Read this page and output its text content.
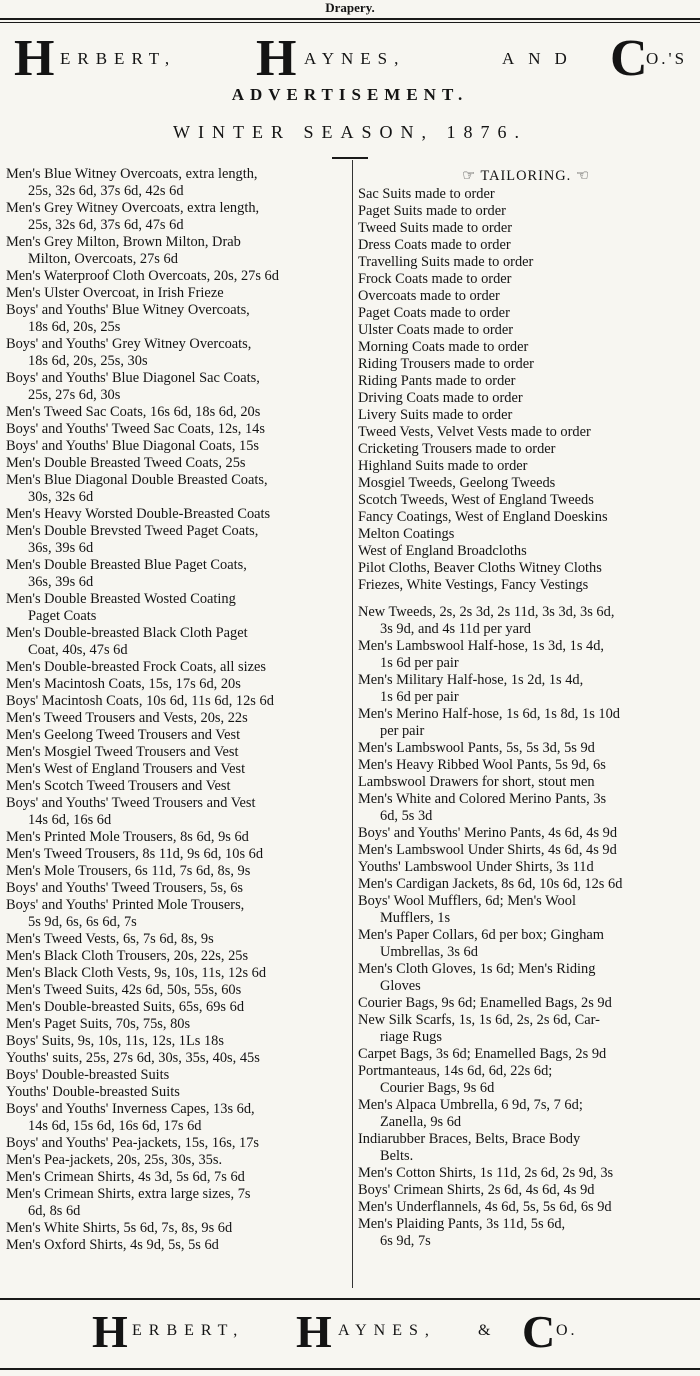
Drapery.
H ERBERT, H AYNES,	AND C
O.'S
ADVERTISEMENT.
WINTER SEASON, 1876.
Men's Blue Witney Overcoats, extra length,
25s, 32s 6d, 37s 6d, 42s 6d
Men's Grey Witney Overcoats, extra length,
25s, 32s 6d, 37s 6d, 47s 6d
Men's Grey Milton, Brown Milton, Drab
Milton, Overcoats, 27s 6d
Men's Waterproof Cloth Overcoats, 20s, 27s 6d
Men's Ulster Overcoat, in Irish Frieze
Boys' and Youths' Blue Witney Overcoats,
18s 6d, 20s, 25s
Boys' and Youths' Grey Witney Overcoats,
18s 6d, 20s, 25s, 30s
Boys' and Youths' Blue Diagonel Sac Coats,
25s, 27s 6d, 30s
Men's Tweed Sac Coats, 16s 6d, 18s 6d, 20s
Boys' and Youths' Tweed Sac Coats, 12s, 14s
Boys' and Youths' Blue Diagonal Coats, 15s
Men's Double Breasted Tweed Coats, 25s
Men's Blue Diagonal Double Breasted Coats,
30s, 32s 6d
Men's Heavy Worsted Double-Breasted Coats
Men's Double Brevsted Tweed Paget Coats,
36s, 39s 6d
Men's Double Breasted Blue Paget Coats,
36s, 39s 6d
Men's Double Breasted Wosted Coating
Paget Coats
Men's Double-breasted Black Cloth Paget
Coat, 40s, 47s 6d
Men's Double-breasted Frock Coats, all sizes
Men's Macintosh Coats, 15s, 17s 6d, 20s
Boys' Macintosh Coats, 10s 6d, 11s 6d, 12s 6d
Men's Tweed Trousers and Vests, 20s, 22s
Men's Geelong Tweed Trousers and Vest
Men's Mosgiel Tweed Trousers and Vest
Men's West of England Trousers and Vest
Men's Scotch Tweed Trousers and Vest
Boys' and Youths' Tweed Trousers and Vest
14s 6d, 16s 6d
Men's Printed Mole Trousers, 8s 6d, 9s 6d
Men's Tweed Trousers, 8s 11d, 9s 6d, 10s 6d
Men's Mole Trousers, 6s 11d, 7s 6d, 8s, 9s
Boys' and Youths' Tweed Trousers, 5s, 6s
Boys' and Youths' Printed Mole Trousers,
5s 9d, 6s, 6s 6d, 7s
Men's Tweed Vests, 6s, 7s 6d, 8s, 9s
Men's Black Cloth Trousers, 20s, 22s, 25s
Men's Black Cloth Vests, 9s, 10s, 11s, 12s 6d
Men's Tweed Suits, 42s 6d, 50s, 55s, 60s
Men's Double-breasted Suits, 65s, 69s 6d
Men's Paget Suits, 70s, 75s, 80s
Boys' Suits, 9s, 10s, 11s, 12s, 1Ls 18s
Youths' suits, 25s, 27s 6d, 30s, 35s, 40s, 45s
Boys' Double-breasted Suits
Youths' Double-breasted Suits
Boys' and Youths' Inverness Capes, 13s 6d,
14s 6d, 15s 6d, 16s 6d, 17s 6d
Boys' and Youths' Pea-jackets, 15s, 16s, 17s
Men's Pea-jackets, 20s, 25s, 30s, 35s.
Men's Crimean Shirts, 4s 3d, 5s 6d, 7s 6d
Men's Crimean Shirts, extra large sizes, 7s
6d, 8s 6d
Men's White Shirts, 5s 6d, 7s, 8s, 9s 6d
Men's Oxford Shirts, 4s 9d, 5s, 5s 6d
☞ TAILORING. ☜
Sac Suits made to order
Paget Suits made to order
Tweed Suits made to order
Dress Coats made to order
Travelling Suits made to order
Frock Coats made to order
Overcoats made to order
Paget Coats made to order
Ulster Coats made to order
Morning Coats made to order
Riding Trousers made to order
Riding Pants made to order
Driving Coats made to order
Livery Suits made to order
Tweed Vests, Velvet Vests made to order
Cricketing Trousers made to order
Highland Suits made to order
Mosgiel Tweeds, Geelong Tweeds
Scotch Tweeds, West of England Tweeds
Fancy Coatings, West of England Doeskins
Melton Coatings
West of England Broadcloths
Pilot Cloths, Beaver Cloths Witney Cloths
Friezes, White Vestings, Fancy Vestings
New Tweeds, 2s, 2s 3d, 2s 11d, 3s 3d, 3s 6d,
3s 9d, and 4s 11d per yard
Men's Lambswool Half-hose, 1s 3d, 1s 4d,
1s 6d per pair
Men's Military Half-hose, 1s 2d, 1s 4d,
1s 6d per pair
Men's Merino Half-hose, 1s 6d, 1s 8d, 1s 10d
per pair
Men's Lambswool Pants, 5s, 5s 3d, 5s 9d
Men's Heavy Ribbed Wool Pants, 5s 9d, 6s
Lambswool Drawers for short, stout men
Men's White and Colored Merino Pants, 3s
6d, 5s 3d
Boys' and Youths' Merino Pants, 4s 6d, 4s 9d
Men's Lambswool Under Shirts, 4s 6d, 4s 9d
Youths' Lambswool Under Shirts, 3s 11d
Men's Cardigan Jackets, 8s 6d, 10s 6d, 12s 6d
Boys' Wool Mufflers, 6d; Men's Wool
Mufflers, 1s
Men's Paper Collars, 6d per box; Gingham
Umbrellas, 3s 6d
Men's Cloth Gloves, 1s 6d; Men's Riding
Gloves
Courier Bags, 9s 6d; Enamelled Bags, 2s 9d
New Silk Scarfs, 1s, 1s 6d, 2s, 2s 6d, Car-
riage Rugs
Carpet Bags, 3s 6d; Enamelled Bags, 2s 9d
Portmanteaus, 14s 6d, 6d, 22s 6d;
Courier Bags, 9s 6d
Men's Alpaca Umbrella, 6 9d, 7s, 7 6d;
Zanella, 9s 6d
Indiarubber Braces, Belts, Brace Body
Belts.
Men's Cotton Shirts, 1s 11d, 2s 6d, 2s 9d, 3s
Boys' Crimean Shirts, 2s 6d, 4s 6d, 4s 9d
Men's Underflannels, 4s 6d, 5s, 5s 6d, 6s 9d
Men's Plaiding Pants, 3s 11d, 5s 6d,
6s 9d, 7s
H ERBERT, H AYNES,	& C O.
